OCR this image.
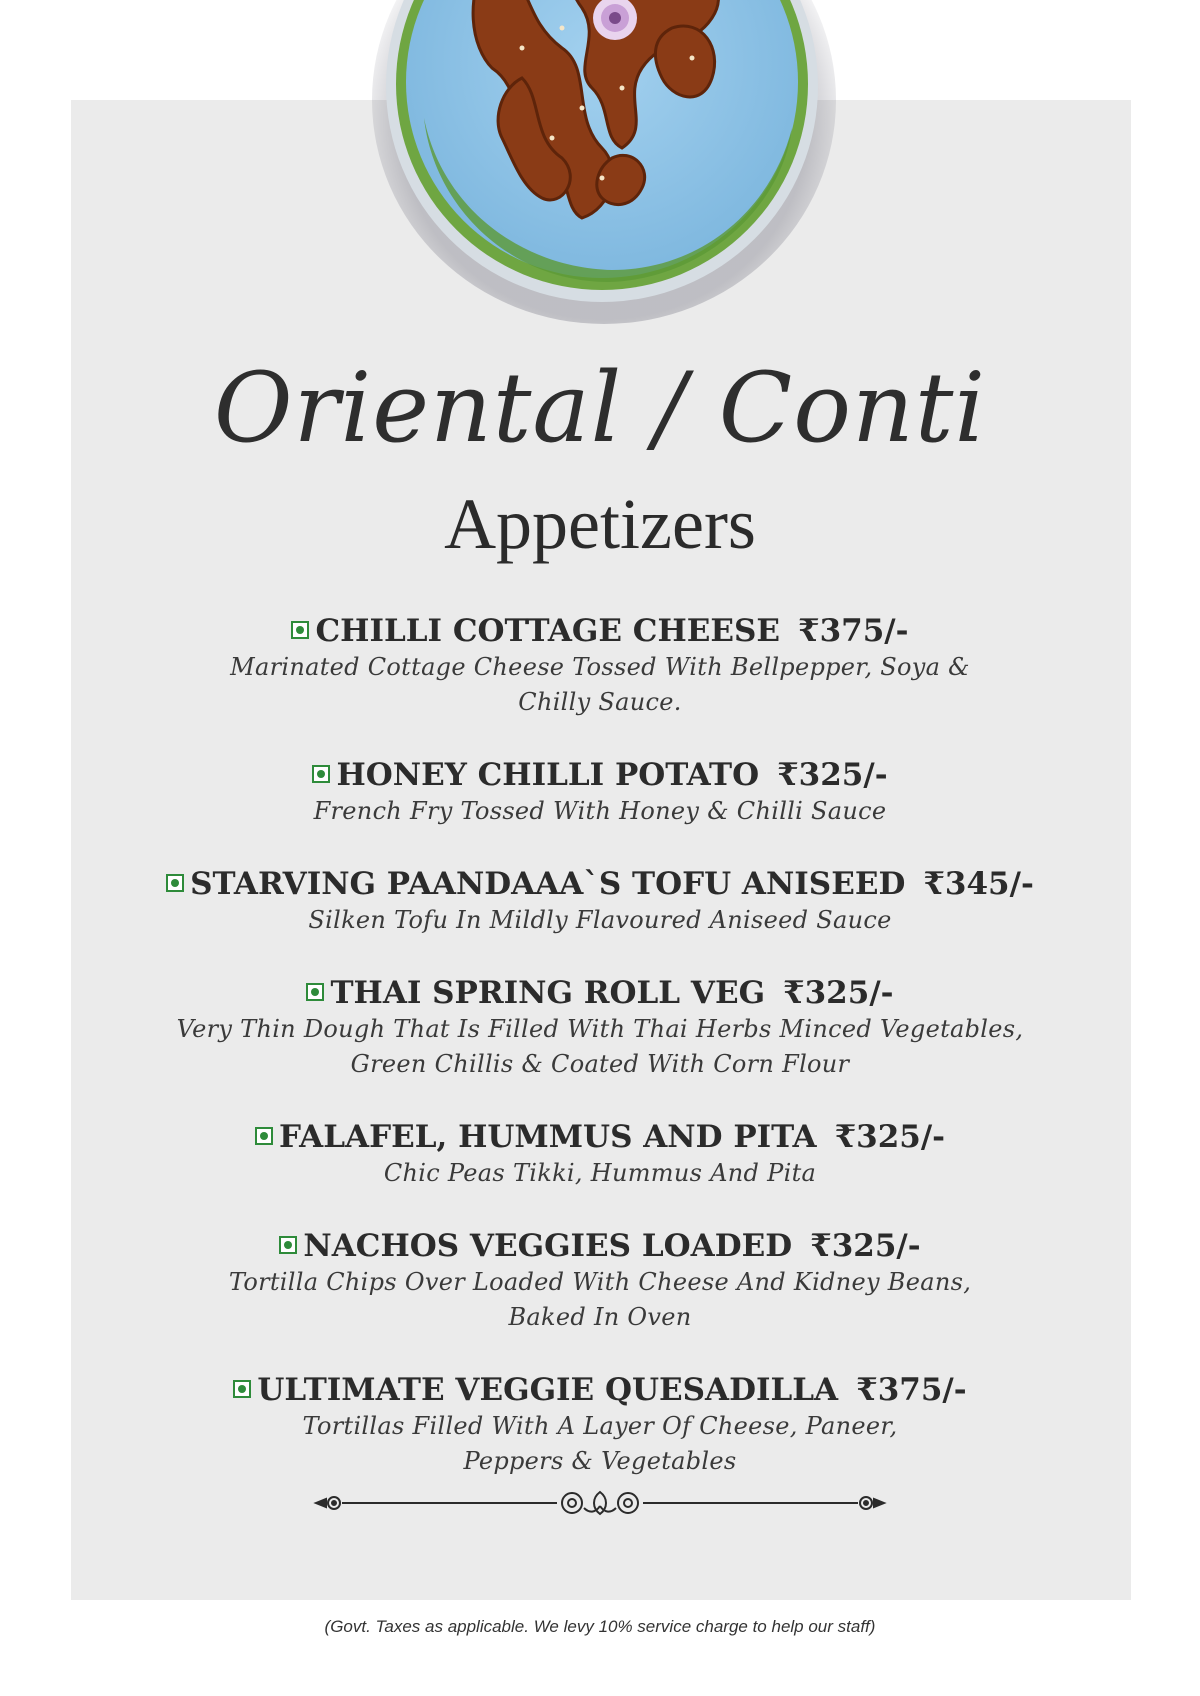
Oriental / Conti
Appetizers
CHILLI COTTAGE CHEESE ₹375/-
Marinated Cottage Cheese Tossed With Bellpepper, Soya &
Chilly Sauce.
HONEY CHILLI POTATO ₹325/-
French Fry Tossed With Honey & Chilli Sauce
STARVING PAANDAAA`S TOFU ANISEED ₹345/-
Silken Tofu In Mildly Flavoured Aniseed Sauce
THAI SPRING ROLL VEG ₹325/-
Very Thin Dough That Is Filled With Thai Herbs Minced Vegetables,
Green Chillis & Coated With Corn Flour
FALAFEL, HUMMUS AND PITA ₹325/-
Chic Peas Tikki, Hummus And Pita
NACHOS VEGGIES LOADED ₹325/-
Tortilla Chips Over Loaded With Cheese And Kidney Beans,
Baked In Oven
ULTIMATE VEGGIE QUESADILLA ₹375/-
Tortillas Filled With A Layer Of Cheese, Paneer,
Peppers & Vegetables
(Govt. Taxes as applicable. We levy 10% service charge to help our staff)
